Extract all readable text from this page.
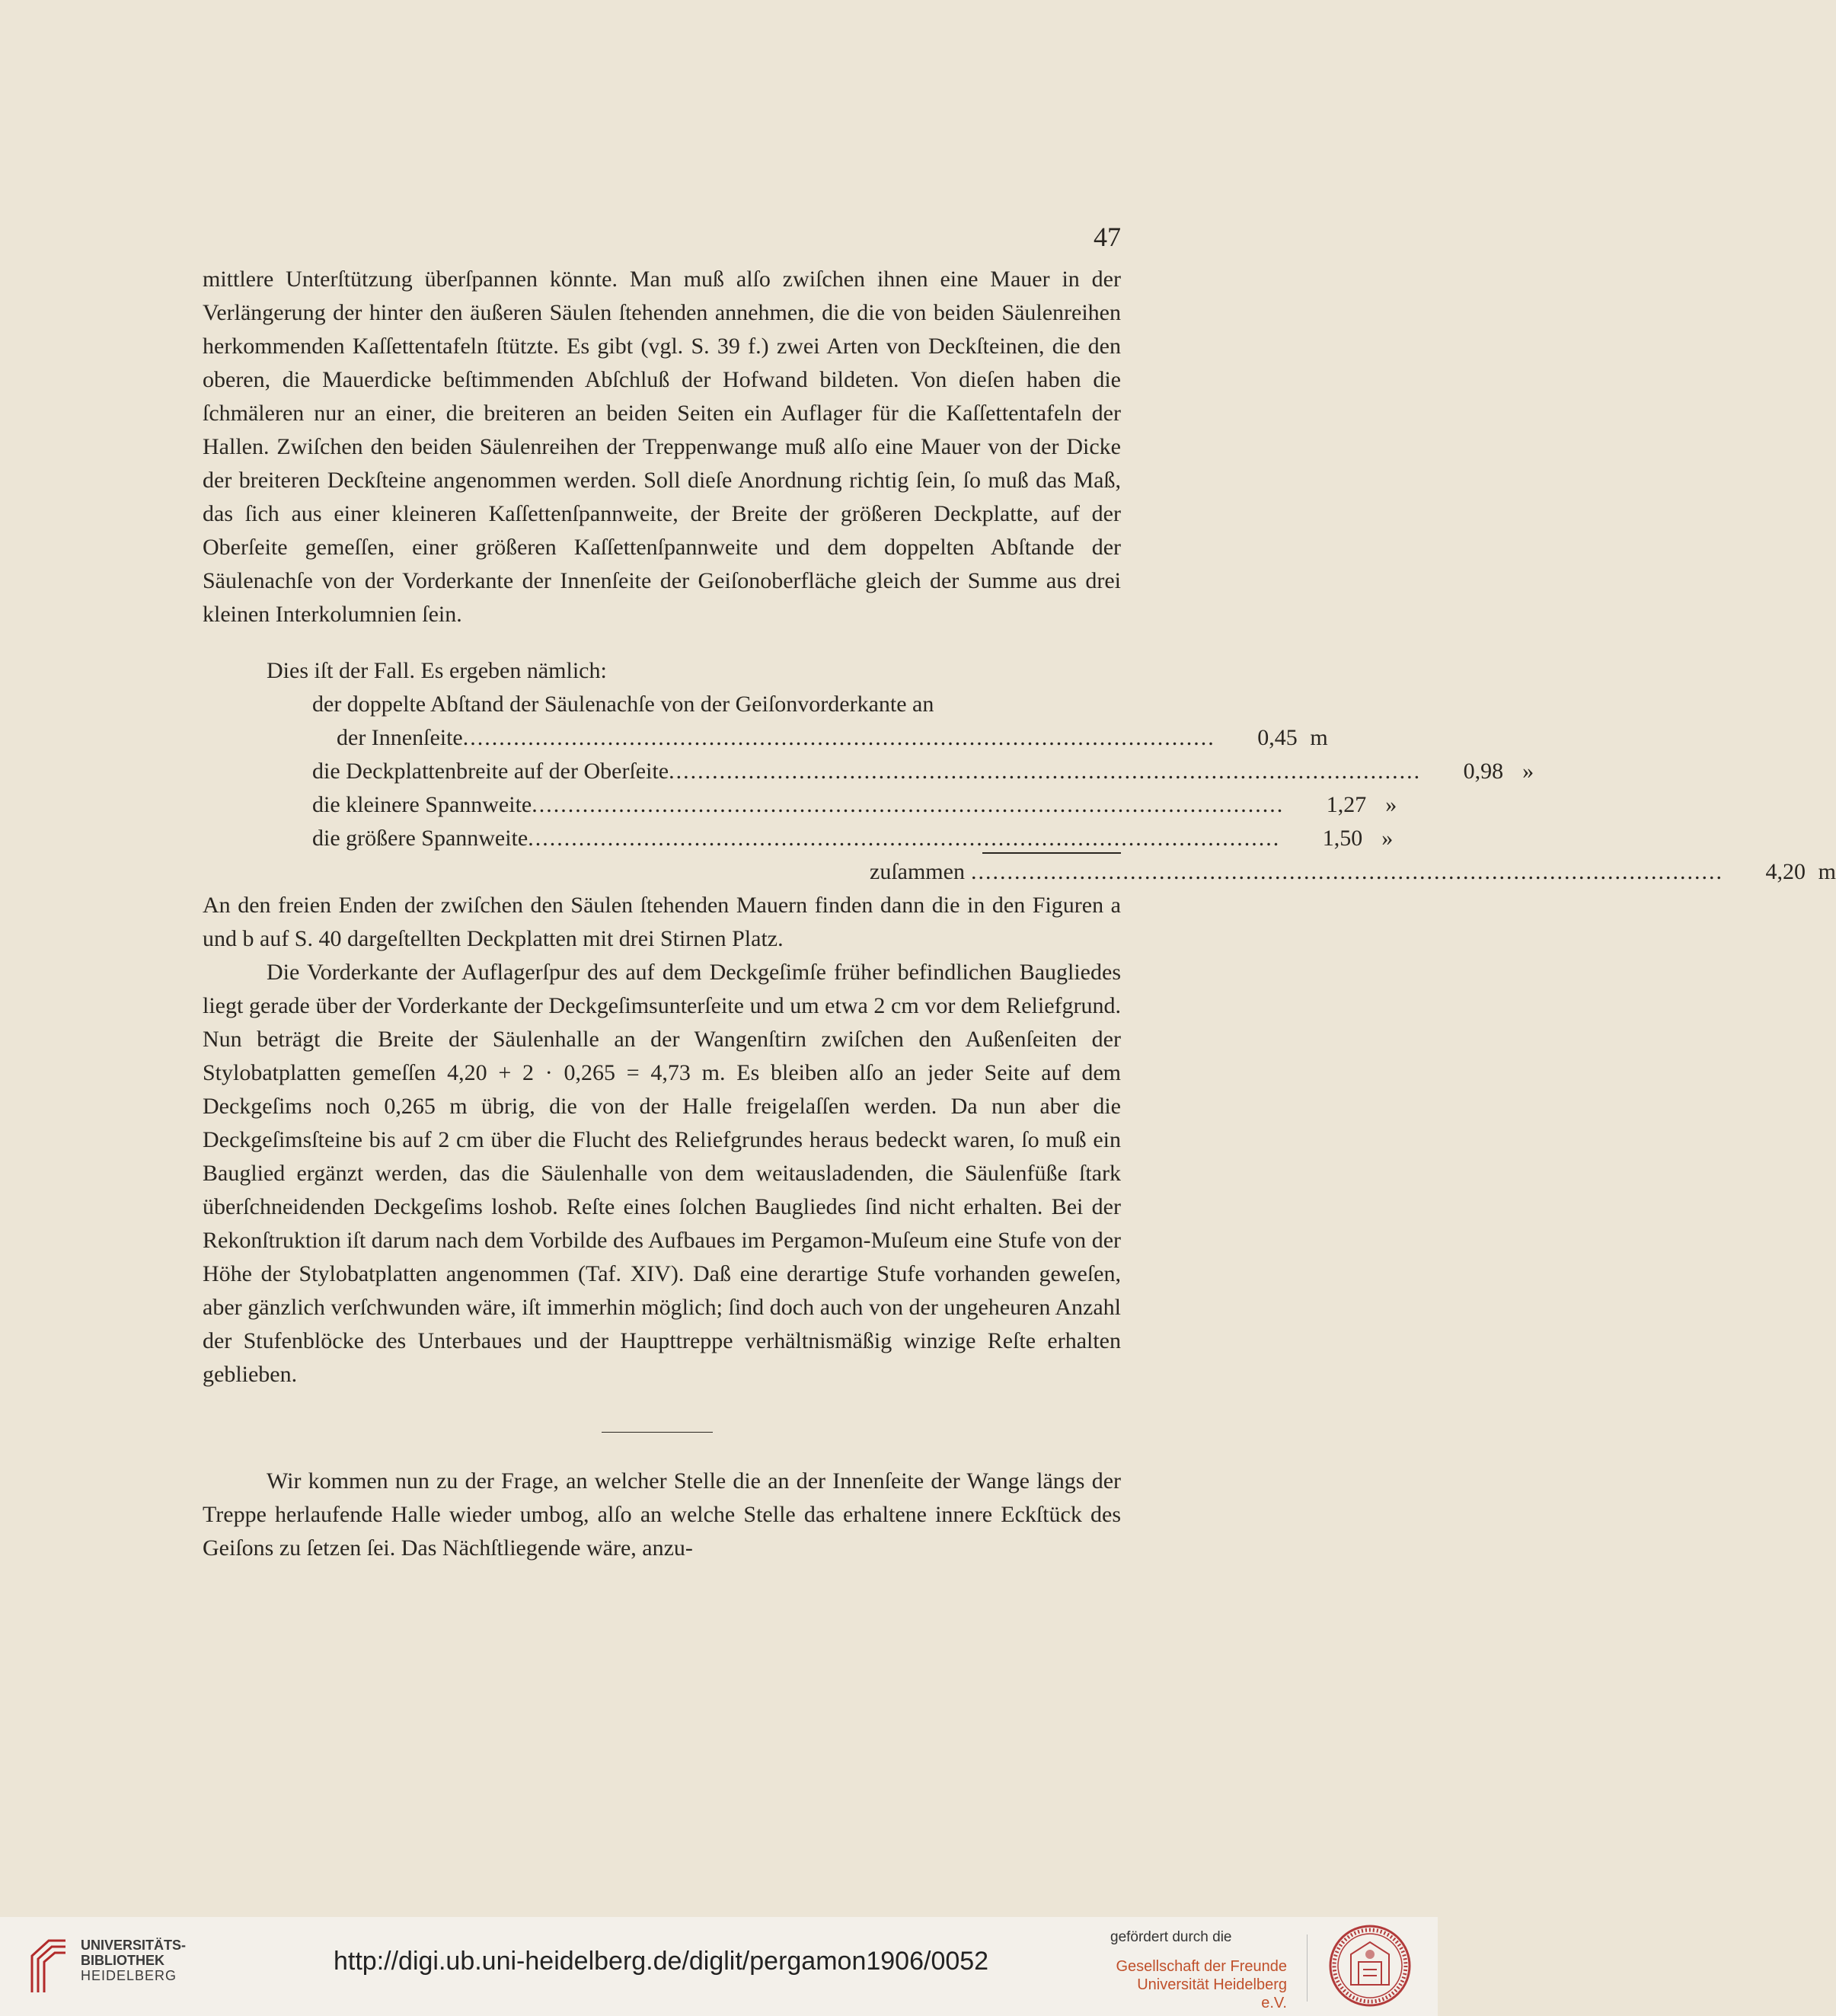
47

mittlere Unterſtützung überſpannen könnte. Man muß alſo zwiſchen ihnen eine Mauer in der Verlängerung der hinter den äußeren Säulen ſtehenden annehmen, die die von beiden Säulenreihen herkommenden Kaſſettentafeln ſtützte. Es gibt (vgl. S. 39 f.) zwei Arten von Deckſteinen, die den oberen, die Mauerdicke beſtimmenden Abſchluß der Hofwand bildeten. Von dieſen haben die ſchmäleren nur an einer, die breiteren an beiden Seiten ein Auflager für die Kaſſettentafeln der Hallen. Zwiſchen den beiden Säulenreihen der Treppenwange muß alſo eine Mauer von der Dicke der breiteren Deckſteine angenommen werden. Soll dieſe Anordnung richtig ſein, ſo muß das Maß, das ſich aus einer kleineren Kaſſettenſpannweite, der Breite der größeren Deckplatte, auf der Oberſeite gemeſſen, einer größeren Kaſſettenſpannweite und dem doppelten Abſtande der Säulenachſe von der Vorderkante der Innenſeite der Geiſonoberfläche gleich der Summe aus drei kleinen Interkolumnien ſein.

Dies iſt der Fall. Es ergeben nämlich:

der doppelte Abſtand der Säulenachſe von der Geiſonvorderkante an
der Innenſeite ........................................................................................................	0,45 m
die Deckplattenbreite auf der Oberſeite ........................................................................................................	0,98 »
die kleinere Spannweite ........................................................................................................	1,27 »
die größere Spannweite ........................................................................................................	1,50 »
zuſammen ........................................................................................................	4,20 m

An den freien Enden der zwiſchen den Säulen ſtehenden Mauern finden dann die in den Figuren a und b auf S. 40 dargeſtellten Deckplatten mit drei Stirnen Platz.

Die Vorderkante der Auflagerſpur des auf dem Deckgeſimſe früher befindlichen Baugliedes liegt gerade über der Vorderkante der Deckgeſimsunterſeite und um etwa 2 cm vor dem Reliefgrund. Nun beträgt die Breite der Säulenhalle an der Wangenſtirn zwiſchen den Außenſeiten der Stylobatplatten gemeſſen 4,20 + 2 · 0,265 = 4,73 m. Es bleiben alſo an jeder Seite auf dem Deckgeſims noch 0,265 m übrig, die von der Halle freigelaſſen werden. Da nun aber die Deckgeſimsſteine bis auf 2 cm über die Flucht des Reliefgrundes heraus bedeckt waren, ſo muß ein Bauglied ergänzt werden, das die Säulenhalle von dem weitausladenden, die Säulenfüße ſtark überſchneidenden Deckgeſims loshob. Reſte eines ſolchen Baugliedes ſind nicht erhalten. Bei der Rekonſtruktion iſt darum nach dem Vorbilde des Aufbaues im Pergamon-Muſeum eine Stufe von der Höhe der Stylobatplatten angenommen (Taf. XIV). Daß eine derartige Stufe vorhanden geweſen, aber gänzlich verſchwunden wäre, iſt immerhin möglich; ſind doch auch von der ungeheuren Anzahl der Stufenblöcke des Unterbaues und der Haupttreppe verhältnismäßig winzige Reſte erhalten geblieben.

Wir kommen nun zu der Frage, an welcher Stelle die an der Innenſeite der Wange längs der Treppe herlaufende Halle wieder umbog, alſo an welche Stelle das erhaltene innere Eckſtück des Geiſons zu ſetzen ſei. Das Nächſtliegende wäre, anzu-

UNIVERSITÄTS-
BIBLIOTHEK
HEIDELBERG	http://digi.ub.uni-heidelberg.de/diglit/pergamon1906/0052
gefördert durch die
Gesellschaft der Freunde
Universität Heidelberg e.V.
